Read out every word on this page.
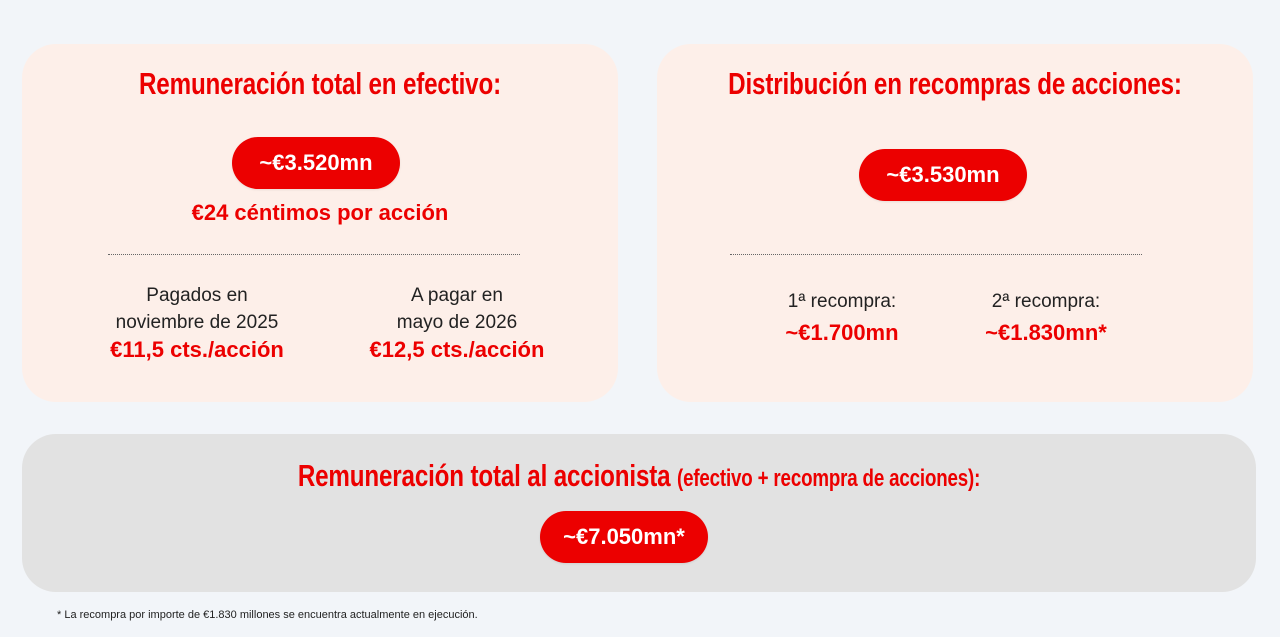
Remuneración total en efectivo:
~€3.520mn
€24 céntimos por acción
Pagados en
noviembre de 2025
€11,5 cts./acción
A pagar en
mayo de 2026
€12,5 cts./acción
Distribución en recompras de acciones:
~€3.530mn
1ª recompra:
~€1.700mn
2ª recompra:
~€1.830mn*
Remuneración total al accionista (efectivo + recompra de acciones):
~€7.050mn*
* La recompra por importe de €1.830 millones se encuentra actualmente en ejecución.
